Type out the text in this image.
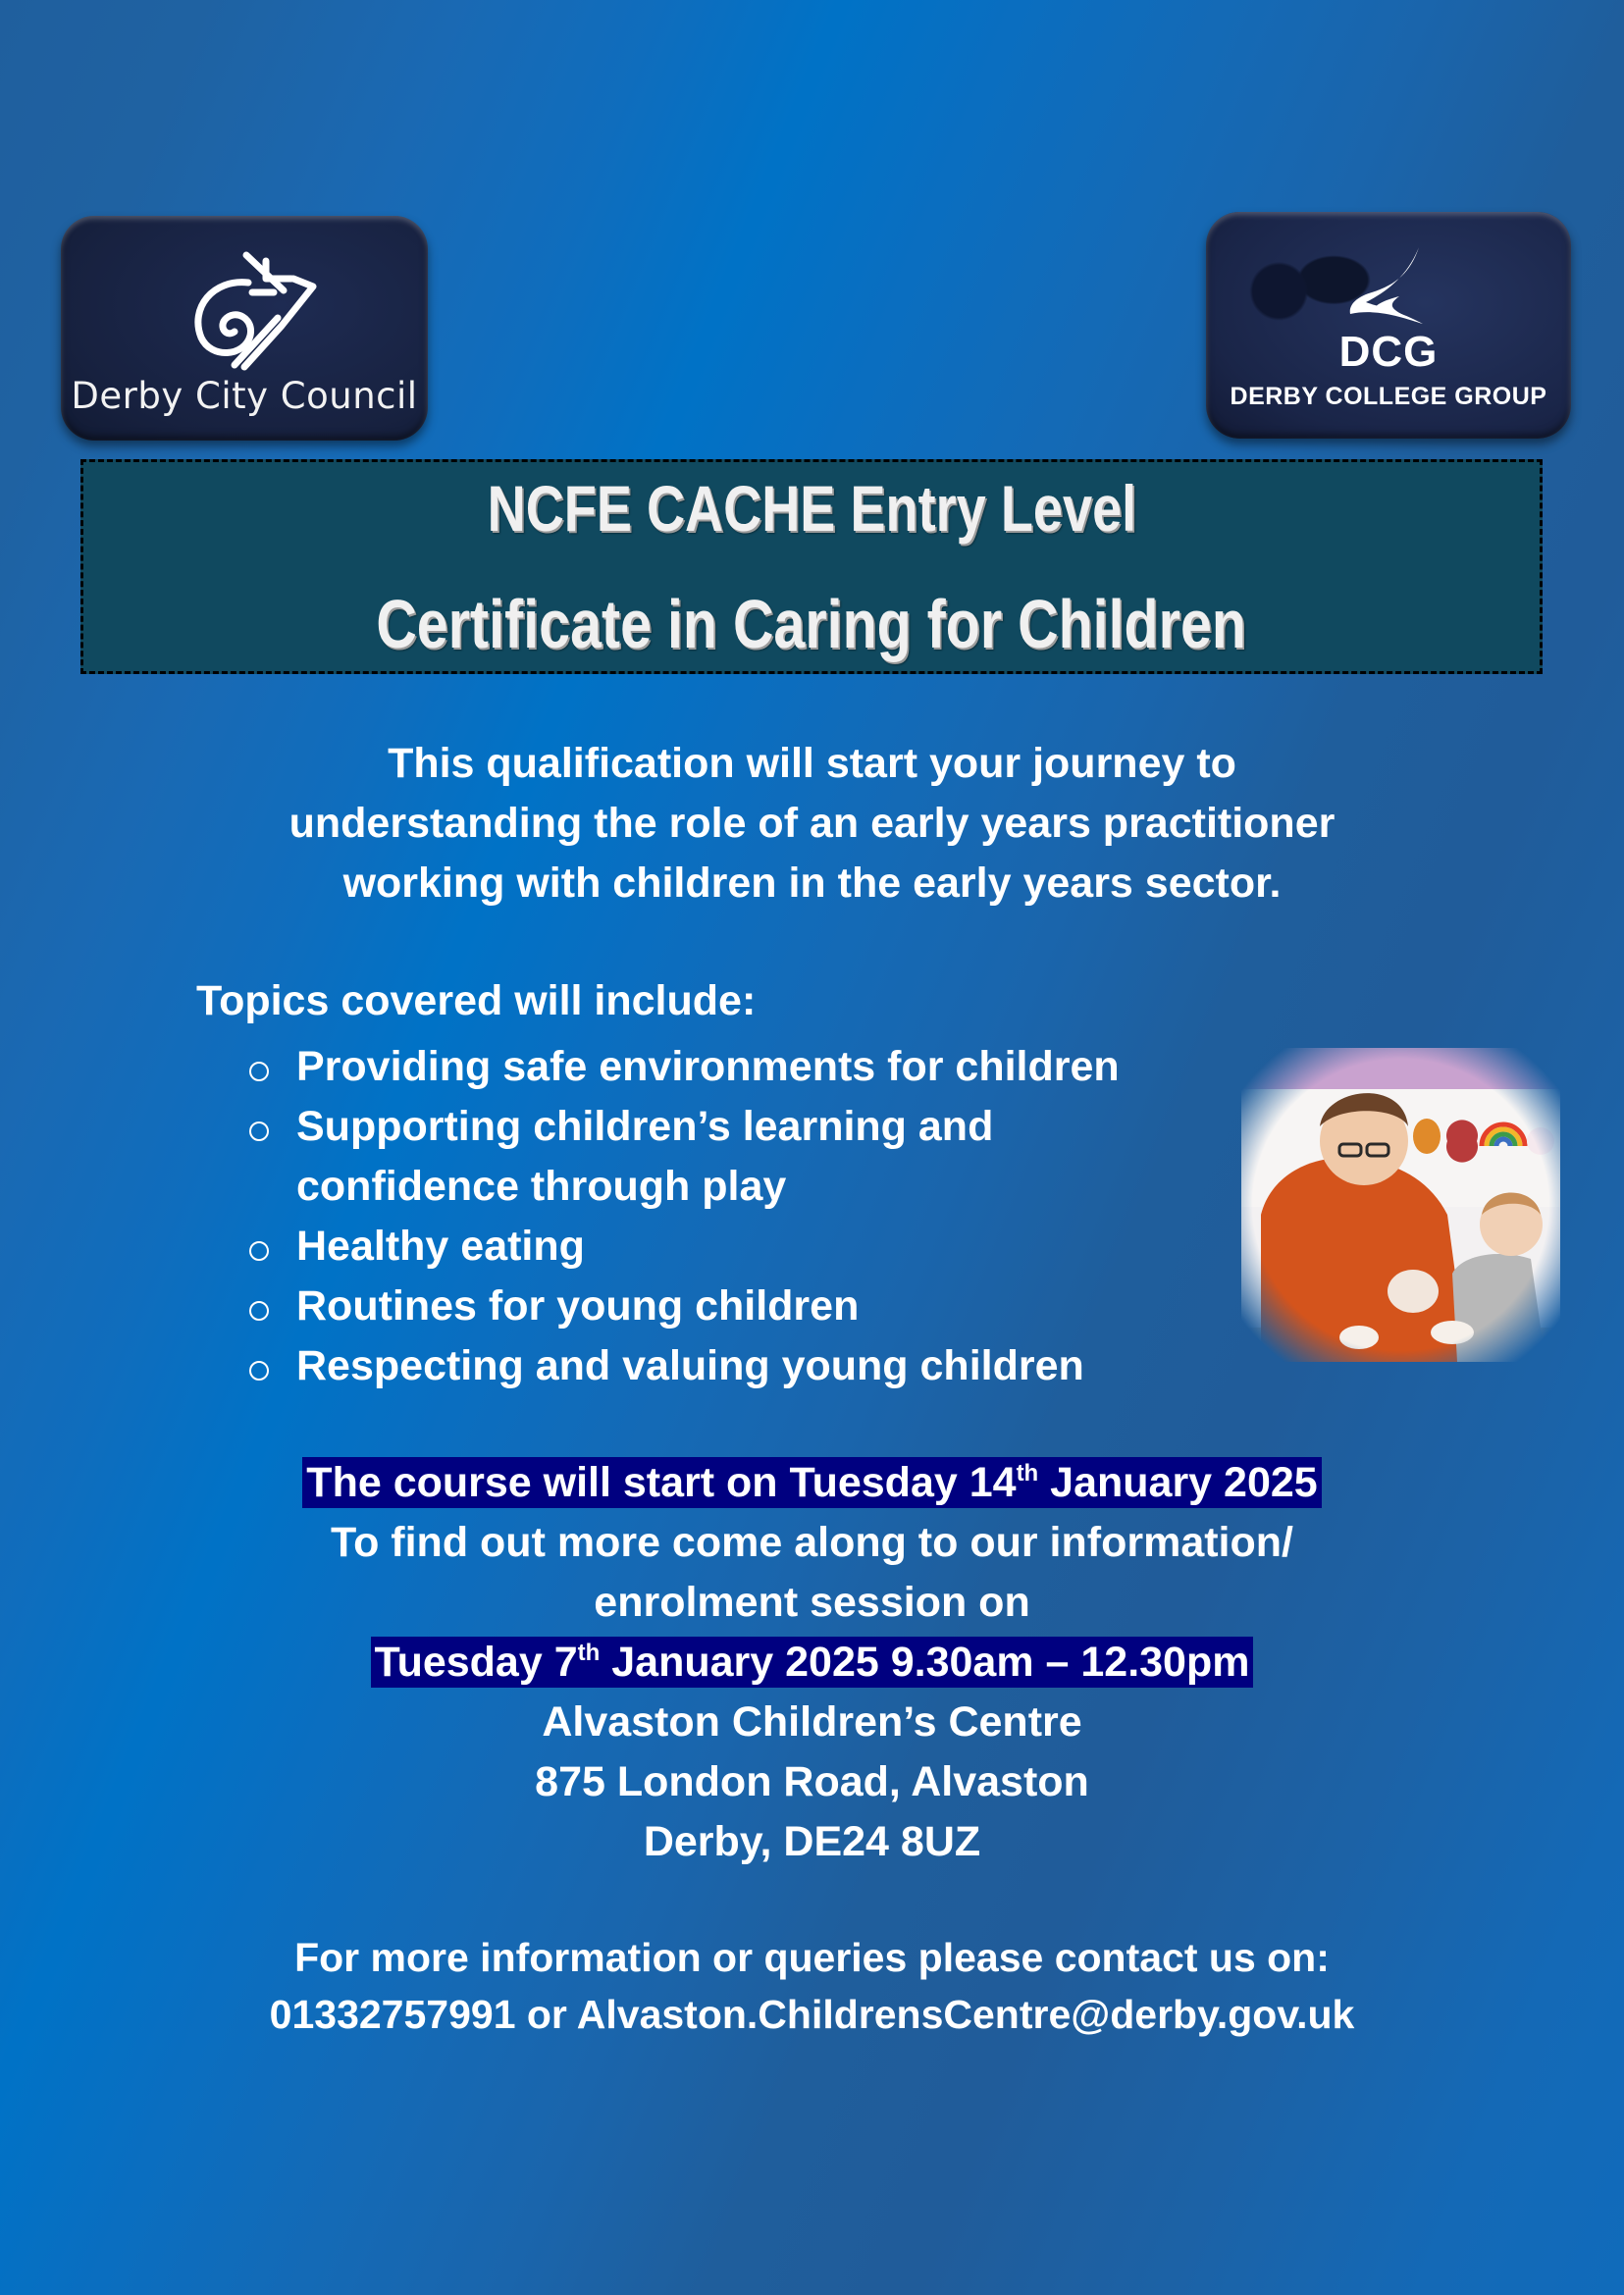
Derby City Council
DCG
DERBY COLLEGE GROUP
NCFE CACHE Entry Level
Certificate in Caring for Children
This qualification will start your journey to
understanding the role of an early years practitioner
working with children in the early years sector.
Topics covered will include:
Providing safe environments for children
Supporting children’s learning and
confidence through play
Healthy eating
Routines for young children
Respecting and valuing young children
The course will start on Tuesday 14th January 2025
To find out more come along to our information/
enrolment session on
Tuesday 7th January 2025 9.30am – 12.30pm
Alvaston Children’s Centre
875 London Road, Alvaston
Derby, DE24 8UZ
For more information or queries please contact us on:
01332757991 or Alvaston.ChildrensCentre@derby.gov.uk
